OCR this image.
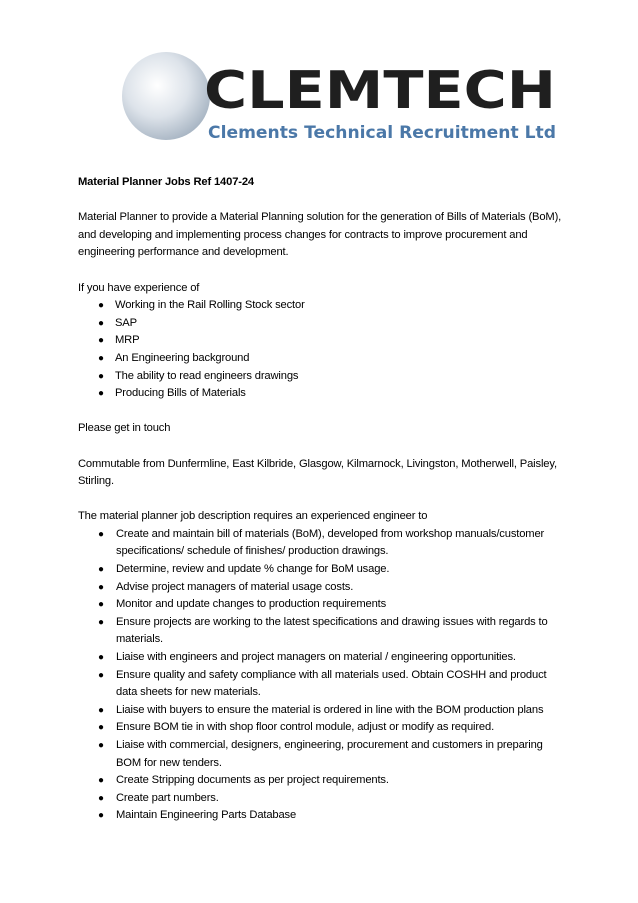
CLEMTECH
Clements Technical Recruitment Ltd

Material Planner Jobs Ref 1407-24

Material Planner to provide a Material Planning solution for the generation of Bills of Materials (BoM), and developing and implementing process changes for contracts to improve procurement and engineering performance and development.

If you have experience of

● Working in the Rail Rolling Stock sector
● SAP
● MRP
● An Engineering background
● The ability to read engineers drawings
● Producing Bills of Materials

Please get in touch

Commutable from Dunfermline, East Kilbride, Glasgow, Kilmarnock, Livingston, Motherwell, Paisley, Stirling.

The material planner job description requires an experienced engineer to

● Create and maintain bill of materials (BoM), developed from workshop manuals/customer specifications/ schedule of finishes/ production drawings.
● Determine, review and update % change for BoM usage.
● Advise project managers of material usage costs.
● Monitor and update changes to production requirements
● Ensure projects are working to the latest specifications and drawing issues with regards to materials.
● Liaise with engineers and project managers on material / engineering opportunities.
● Ensure quality and safety compliance with all materials used. Obtain COSHH and product data sheets for new materials.
● Liaise with buyers to ensure the material is ordered in line with the BOM production plans
● Ensure BOM tie in with shop floor control module, adjust or modify as required.
● Liaise with commercial, designers, engineering, procurement and customers in preparing BOM for new tenders.
● Create Stripping documents as per project requirements.
● Create part numbers.
● Maintain Engineering Parts Database
